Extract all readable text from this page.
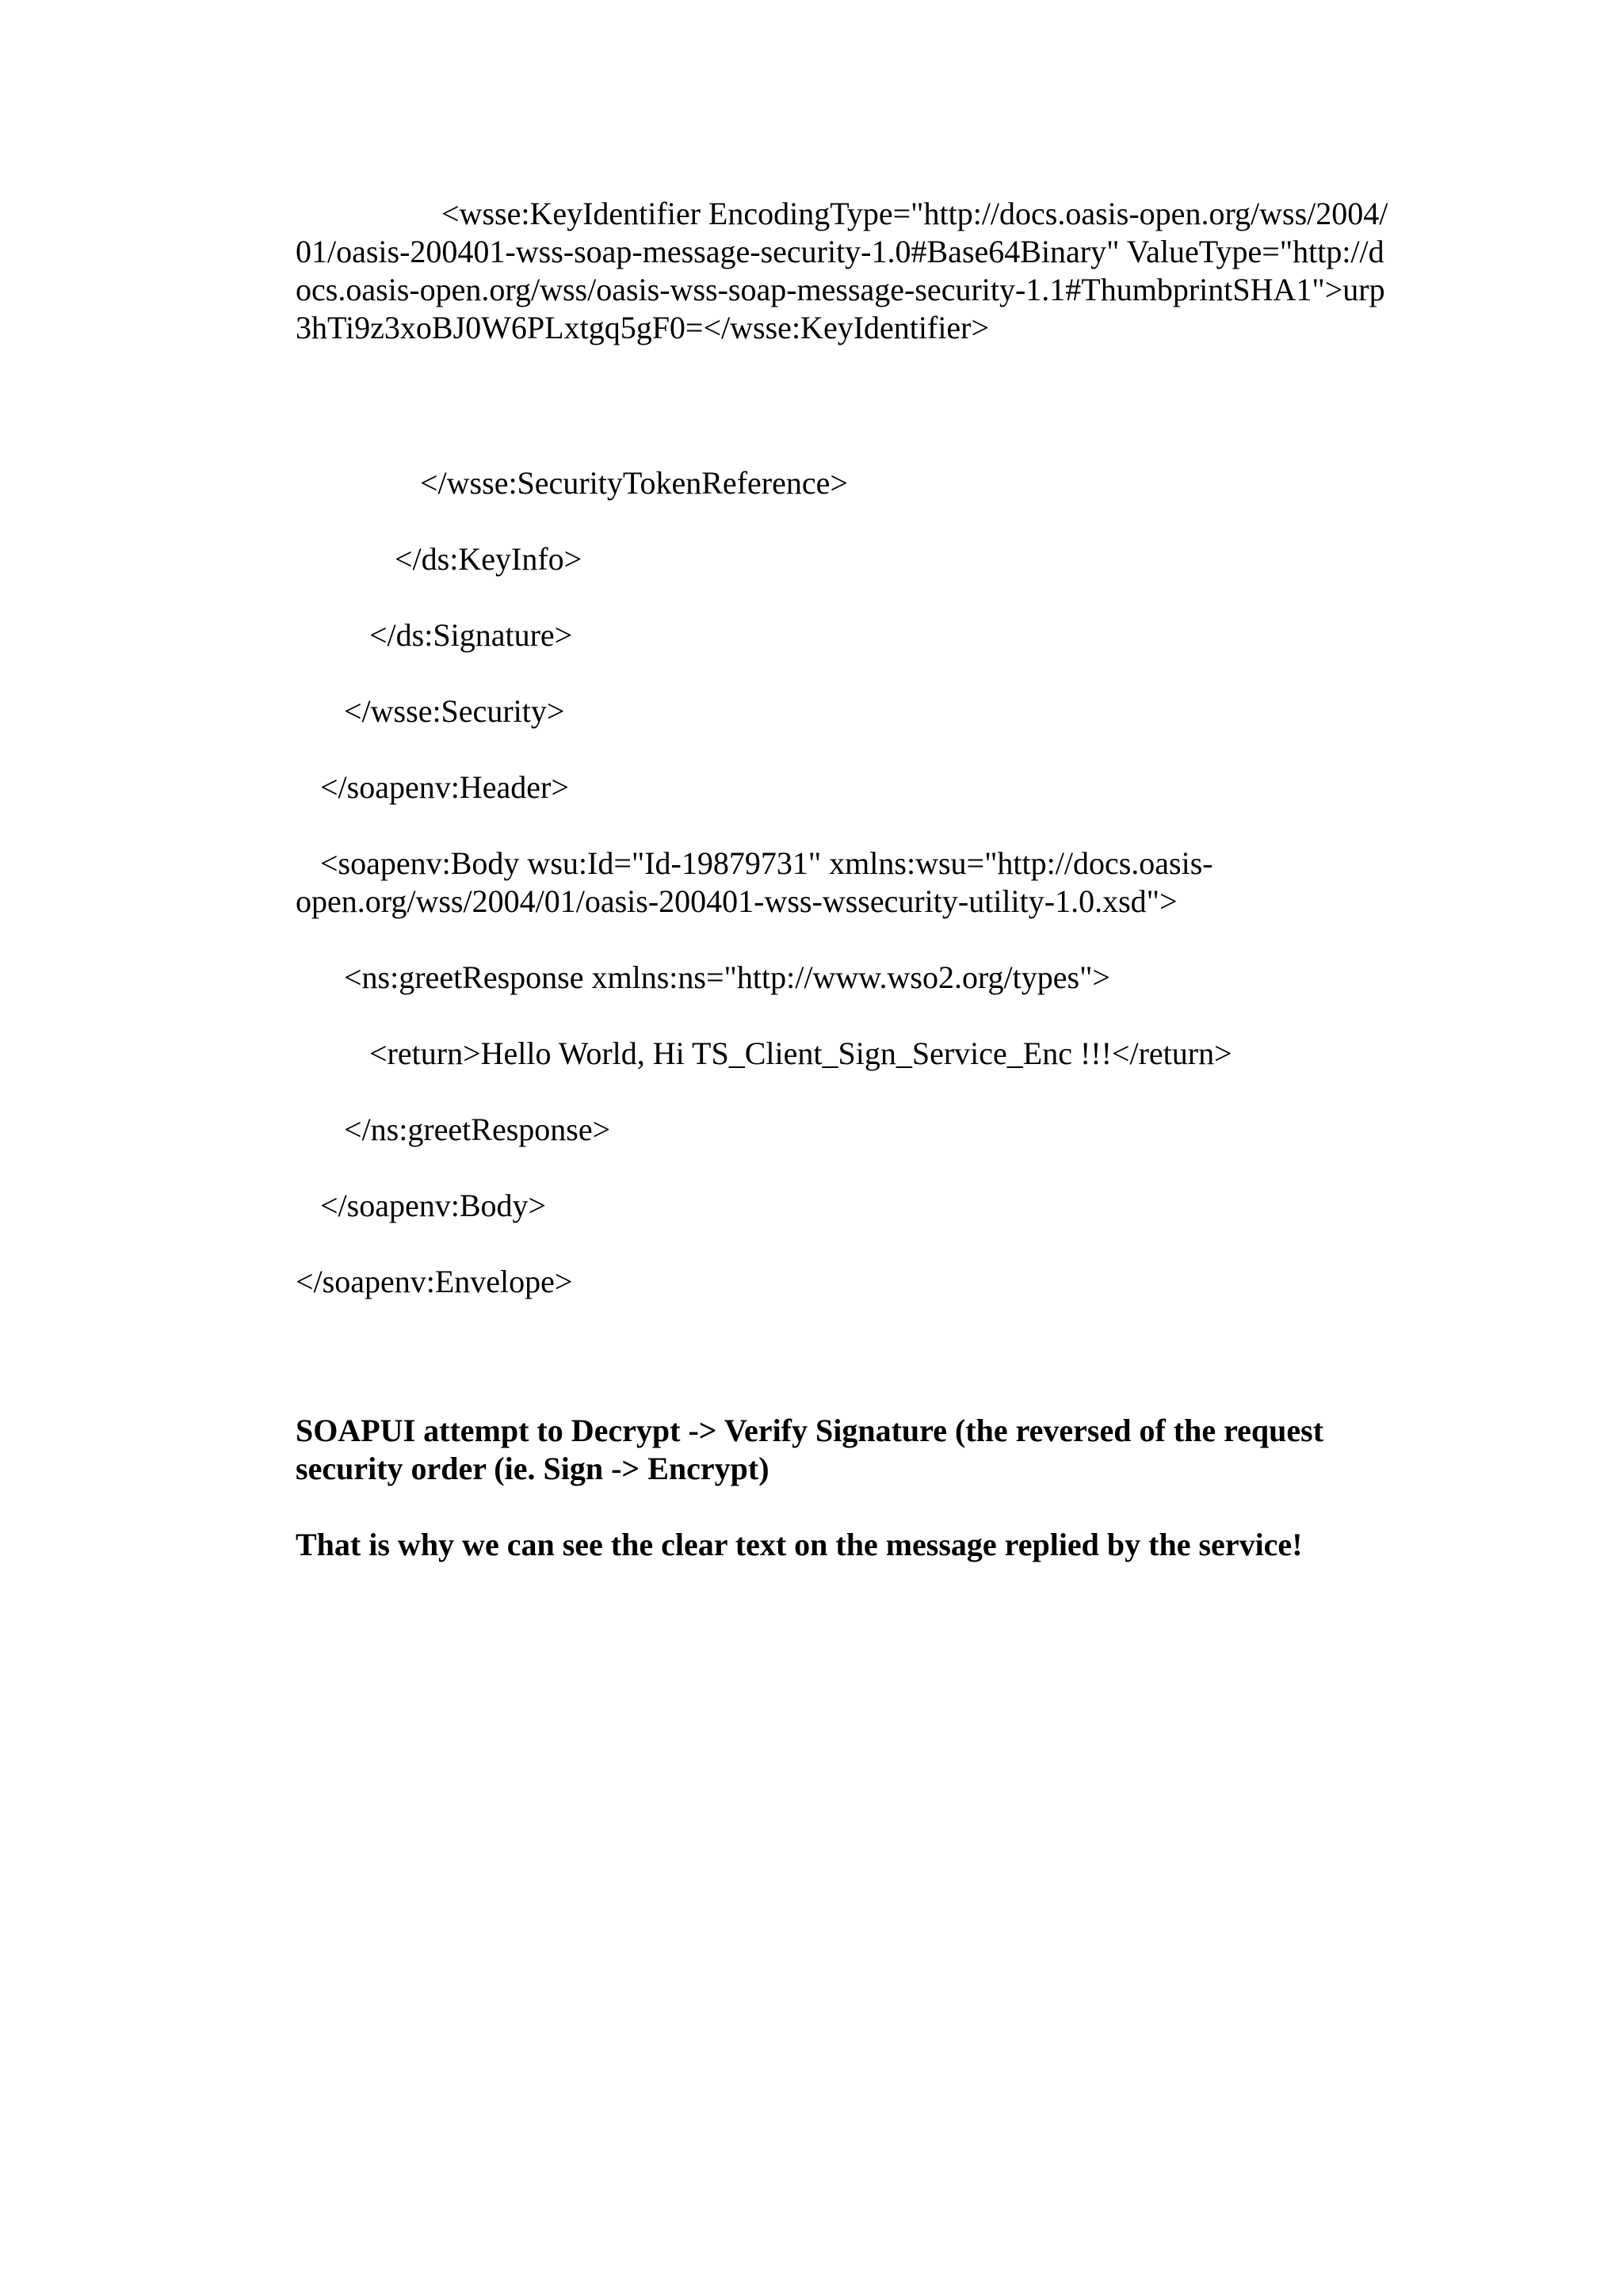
<wsse:KeyIdentifier EncodingType="http://docs.oasis-open.org/wss/2004/01/oasis-200401-wss-soap-message-security-1.0#Base64Binary" ValueType="http://docs.oasis-open.org/wss/oasis-wss-soap-message-security-1.1#ThumbprintSHA1">urp3hTi9z3xoBJ0W6PLxtgq5gF0=</wsse:KeyIdentifier>

</wsse:SecurityTokenReference>

</ds:KeyInfo>

</ds:Signature>

</wsse:Security>

</soapenv:Header>

<soapenv:Body wsu:Id="Id-19879731" xmlns:wsu="http://docs.oasis-open.org/wss/2004/01/oasis-200401-wss-wssecurity-utility-1.0.xsd">

<ns:greetResponse xmlns:ns="http://www.wso2.org/types">

<return>Hello World, Hi TS_Client_Sign_Service_Enc !!!</return>

</ns:greetResponse>

</soapenv:Body>

</soapenv:Envelope>

SOAPUI attempt to Decrypt -> Verify Signature (the reversed of the request security order (ie. Sign -> Encrypt)

That is why we can see the clear text on the message replied by the service!
